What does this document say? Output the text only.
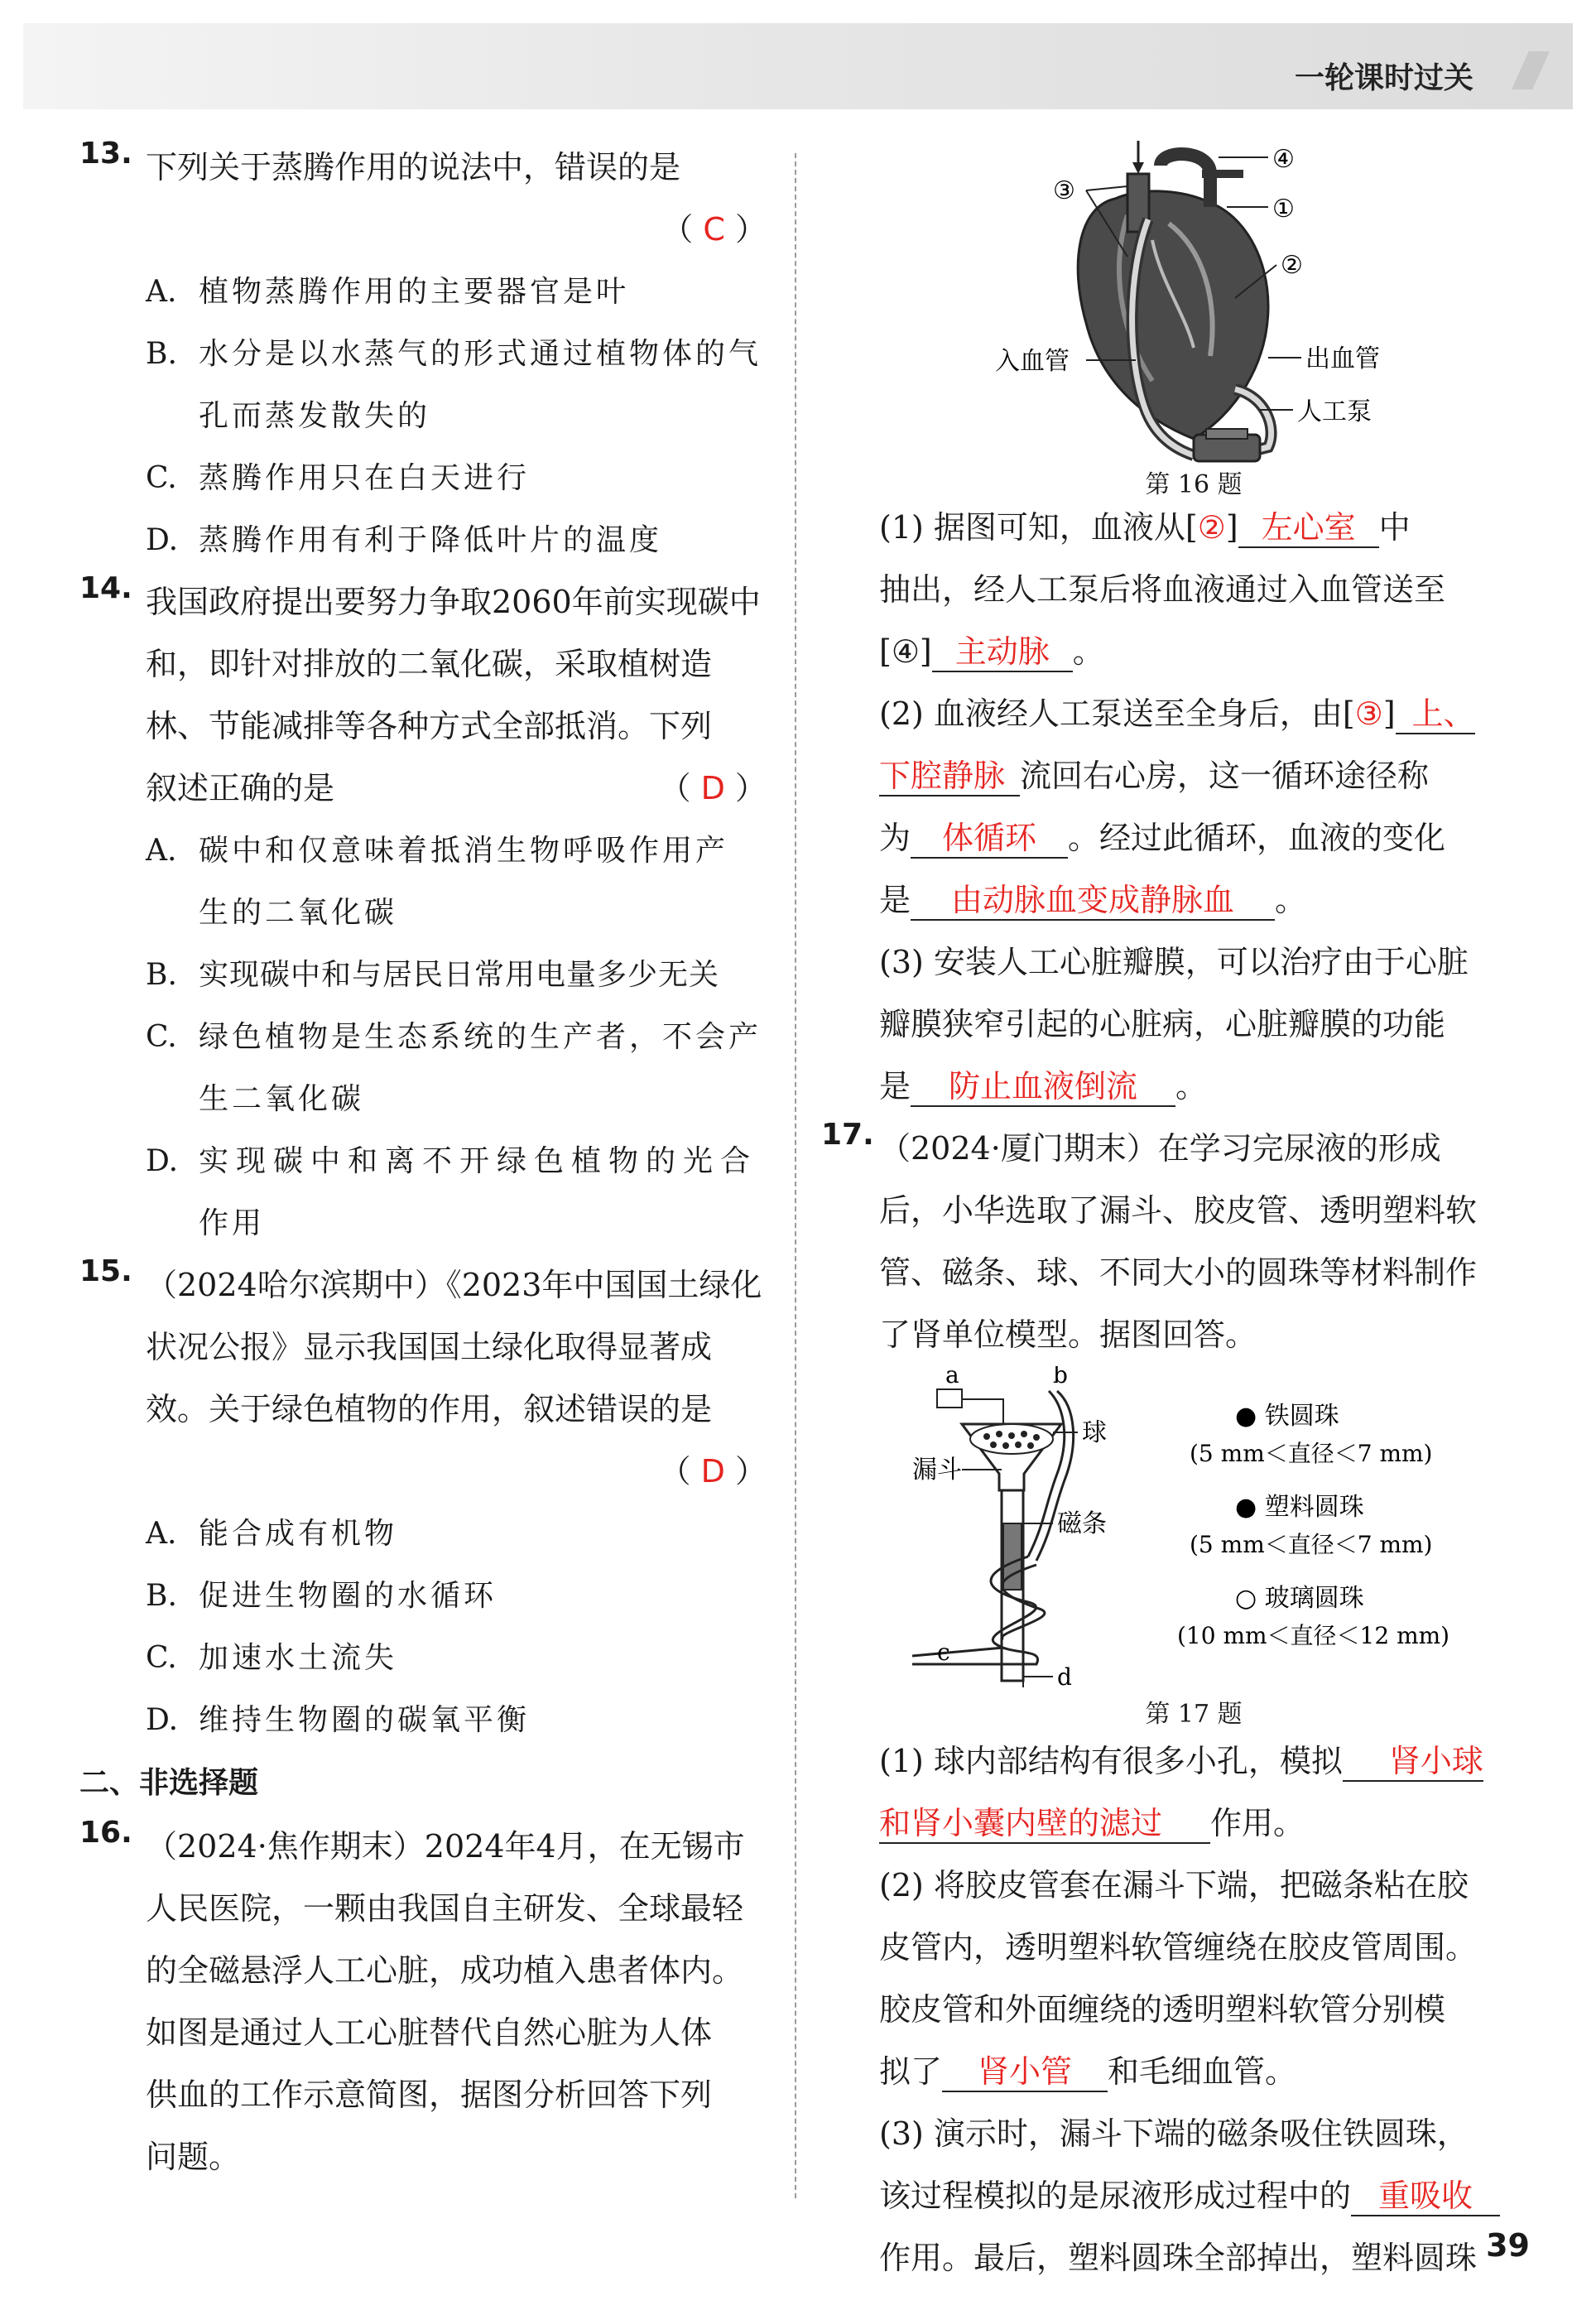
一轮课时过关
13. 下列关于蒸腾作用的说法中，错误的是
（ C ）
A. 植物蒸腾作用的主要器官是叶
B. 水分是以水蒸气的形式通过植物体的气
孔而蒸发散失的
C. 蒸腾作用只在白天进行
D. 蒸腾作用有利于降低叶片的温度
14. 我国政府提出要努力争取2060年前实现碳中
和，即针对排放的二氧化碳，采取植树造
林、节能减排等各种方式全部抵消。下列
叙述正确的是	（ D ）
A. 碳中和仅意味着抵消生物呼吸作用产
生的二氧化碳
B. 实现碳中和与居民日常用电量多少无关
C. 绿色植物是生态系统的生产者，不会产
生二氧化碳
D. 实现碳中和离不开绿色植物的光合
作用
15. （2024哈尔滨期中）《2023年中国国土绿化
状况公报》显示我国国土绿化取得显著成
效。关于绿色植物的作用，叙述错误的是
（ D ）
A. 能合成有机物
B. 促进生物圈的水循环
C. 加速水土流失
D. 维持生物圈的碳氧平衡
二、非选择题
16. （2024·焦作期末）2024年4月，在无锡市
人民医院，一颗由我国自主研发、全球最轻
的全磁悬浮人工心脏，成功植入患者体内。
如图是通过人工心脏替代自然心脏为人体
供血的工作示意简图，据图分析回答下列
问题。
④
①
②
③
入血管	出血管
人工泵
第 16 题
(1) 据图可知，血液从[②] 左心室 中
抽出，经人工泵后将血液通过入血管送至
[④] 主动脉 。
(2) 血液经人工泵送至全身后，由[③] 上、
下腔静脉 流回右心房，这一循环途径称
为 体循环 。经过此循环，血液的变化
是 由动脉血变成静脉血 。
(3) 安装人工心脏瓣膜，可以治疗由于心脏
瓣膜狭窄引起的心脏病，心脏瓣膜的功能
是 防止血液倒流 。
17. （2024·厦门期末）在学习完尿液的形成
后，小华选取了漏斗、胶皮管、透明塑料软
管、磁条、球、不同大小的圆珠等材料制作
了肾单位模型。据图回答。
a	b
球
漏斗
磁条
c
d
● 铁圆珠
(5 mm＜直径＜7 mm)
● 塑料圆珠
(5 mm＜直径＜7 mm)
○ 玻璃圆珠
(10 mm＜直径＜12 mm)
第 17 题
(1) 球内部结构有很多小孔，模拟 肾小球
和肾小囊内壁的滤过 作用。
(2) 将胶皮管套在漏斗下端，把磁条粘在胶
皮管内，透明塑料软管缠绕在胶皮管周围。
胶皮管和外面缠绕的透明塑料软管分别模
拟了 肾小管 和毛细血管。
(3) 演示时，漏斗下端的磁条吸住铁圆珠，
该过程模拟的是尿液形成过程中的 重吸收
作用。最后，塑料圆珠全部掉出，塑料圆珠 39
